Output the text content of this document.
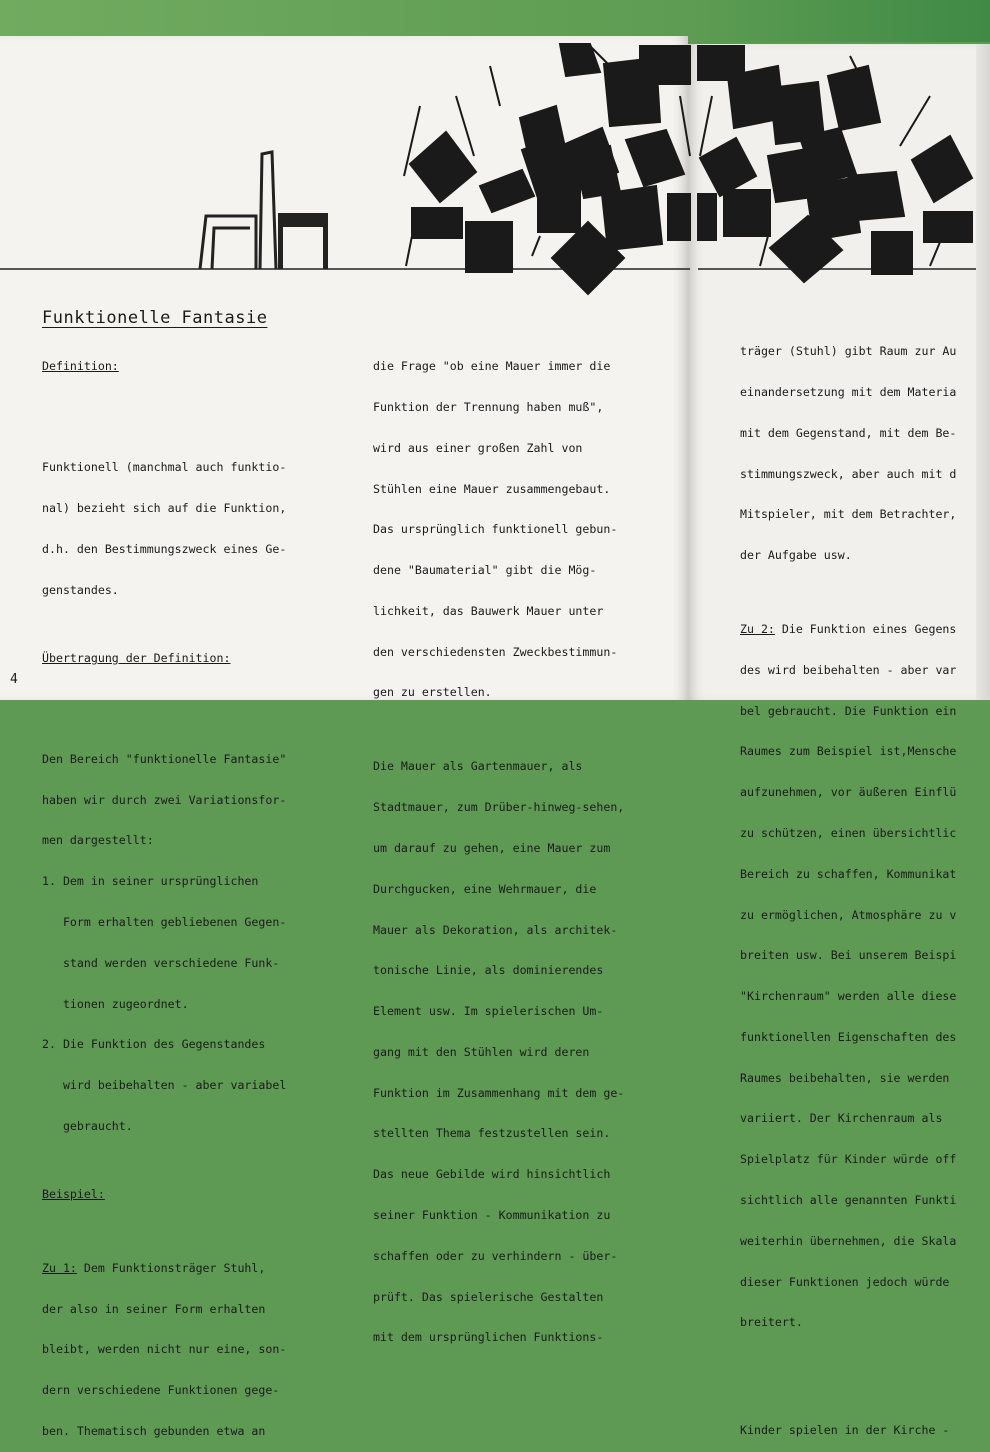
Funktionelle Fantasie

Definition:

Funktionell (manchmal auch funktio-

nal) bezieht sich auf die Funktion,

d.h. den Bestimmungszweck eines Ge-

genstandes.

Übertragung der Definition:

Den Bereich "funktionelle Fantasie"

haben wir durch zwei Variationsfor-

men dargestellt:

1. Dem in seiner ursprünglichen

Form erhalten gebliebenen Gegen-

stand werden verschiedene Funk-

tionen zugeordnet.

2. Die Funktion des Gegenstandes

wird beibehalten - aber variabel

gebraucht.

Beispiel:

Zu 1: Dem Funktionsträger Stuhl,

der also in seiner Form erhalten

bleibt, werden nicht nur eine, son-

dern verschiedene Funktionen gege-

ben. Thematisch gebunden etwa an

die Frage "ob eine Mauer immer die

Funktion der Trennung haben muß",

wird aus einer großen Zahl von

Stühlen eine Mauer zusammengebaut.

Das ursprünglich funktionell gebun-

dene "Baumaterial" gibt die Mög-

lichkeit, das Bauwerk Mauer unter

den verschiedensten Zweckbestimmun-

gen zu erstellen.

Die Mauer als Gartenmauer, als

Stadtmauer, zum Drüber-hinweg-sehen,

um darauf zu gehen, eine Mauer zum

Durchgucken, eine Wehrmauer, die

Mauer als Dekoration, als architek-

tonische Linie, als dominierendes

Element usw. Im spielerischen Um-

gang mit den Stühlen wird deren

Funktion im Zusammenhang mit dem ge-

stellten Thema festzustellen sein.

Das neue Gebilde wird hinsichtlich

seiner Funktion - Kommunikation zu

schaffen oder zu verhindern - über-

prüft. Das spielerische Gestalten

mit dem ursprünglichen Funktions-

träger (Stuhl) gibt Raum zur Au

einandersetzung mit dem Materia

mit dem Gegenstand, mit dem Be-

stimmungszweck, aber auch mit d

Mitspieler, mit dem Betrachter,

der Aufgabe usw.

Zu 2: Die Funktion eines Gegens

des wird beibehalten - aber var

bel gebraucht. Die Funktion ein

Raumes zum Beispiel ist,Mensche

aufzunehmen, vor äußeren Einflü

zu schützen, einen übersichtlic

Bereich zu schaffen, Kommunikat

zu ermöglichen, Atmosphäre zu v

breiten usw. Bei unserem Beispi

"Kirchenraum" werden alle diese

funktionellen Eigenschaften des

Raumes beibehalten, sie werden

variiert. Der Kirchenraum als

Spielplatz für Kinder würde off

sichtlich alle genannten Funkti

weiterhin übernehmen, die Skala

dieser Funktionen jedoch würde

breitert.

Kinder spielen in der Kirche -

4
